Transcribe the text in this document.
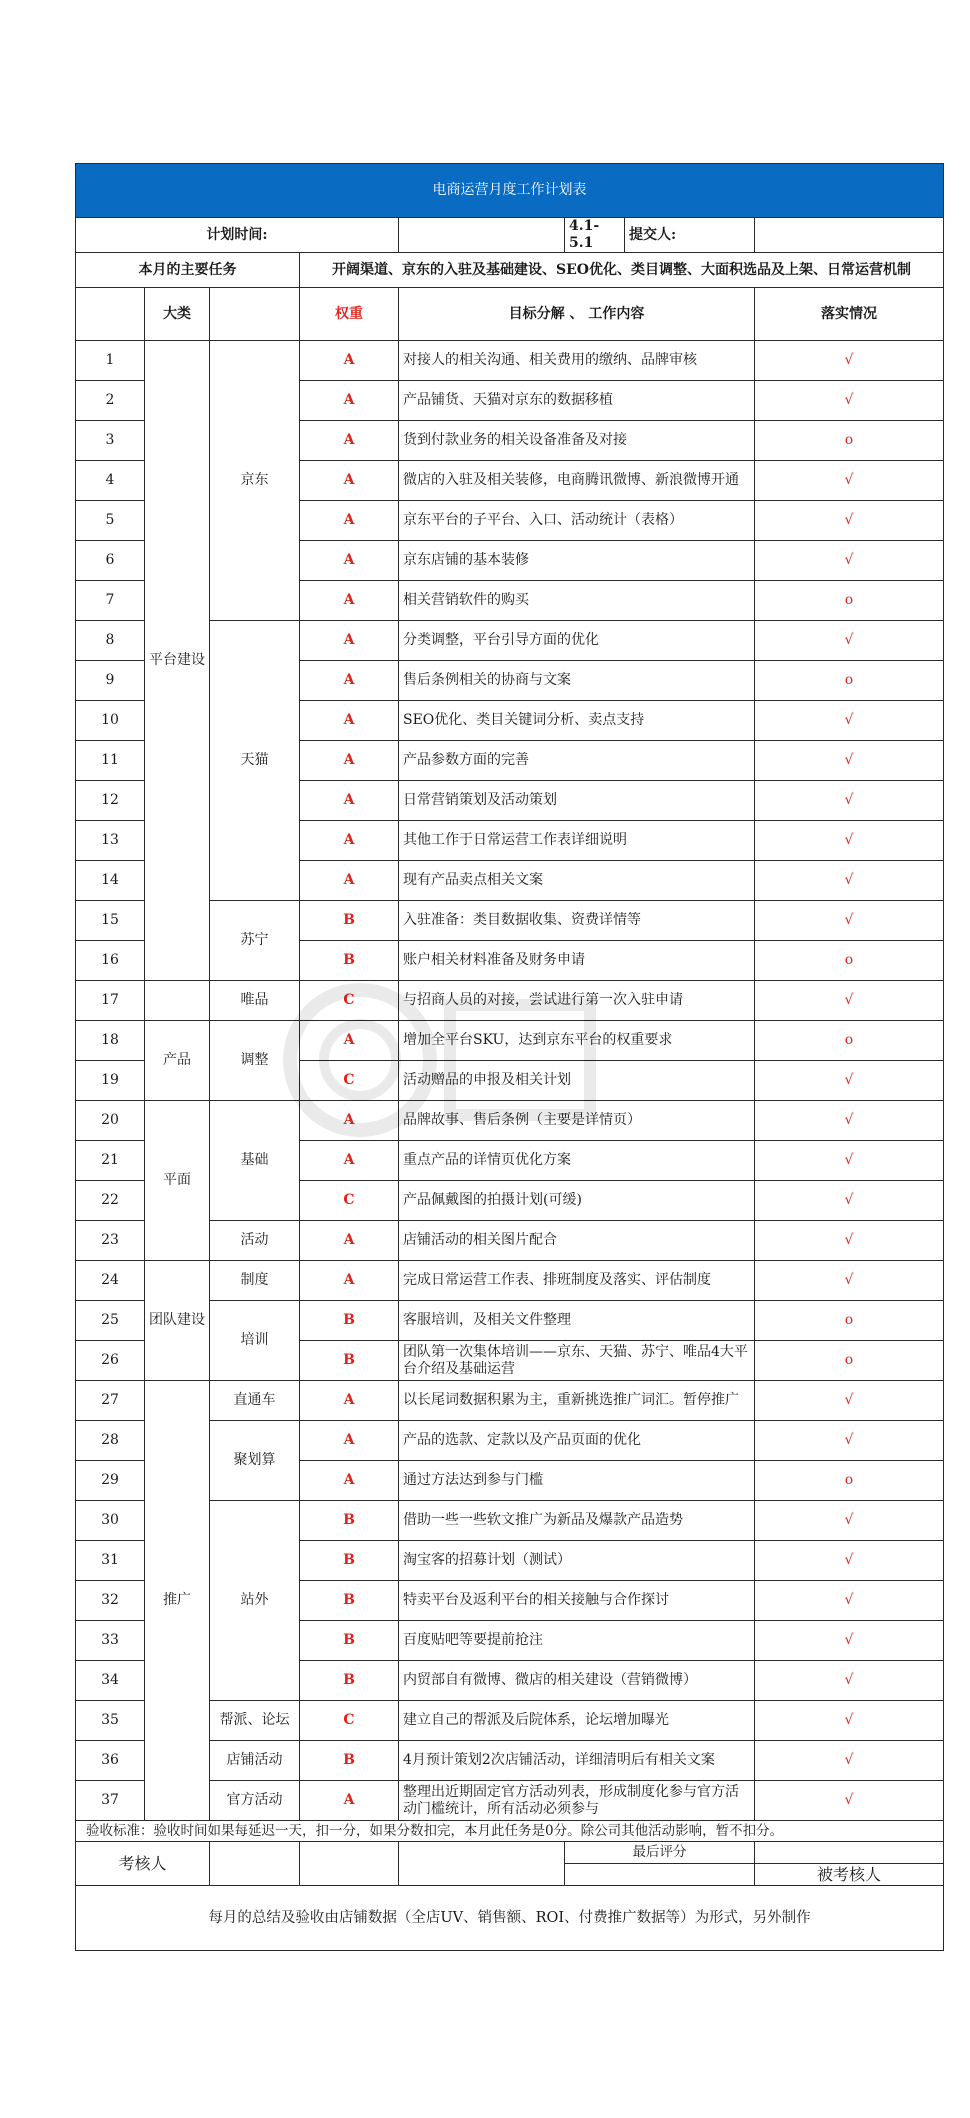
电商运营月度工作计划表							
计划时间:					4.1-5.1	提交人:	
本月的主要任务			开阔渠道、京东的入驻及基础建设、SEO优化、类目调整、大面积选品及上架、日常运营机制				
	大类		权重	目标分解 、 工作内容			落实情况
1	平台建设	京东	A	对接人的相关沟通、相关费用的缴纳、品牌审核			√
2			A	产品铺货、天猫对京东的数据移植			√
3			A	货到付款业务的相关设备准备及对接			o
4			A	微店的入驻及相关装修，电商腾讯微博、新浪微博开通			√
5			A	京东平台的子平台、入口、活动统计（表格）			√
6			A	京东店铺的基本装修			√
7			A	相关营销软件的购买			o
8		天猫	A	分类调整，平台引导方面的优化			√
9			A	售后条例相关的协商与文案			o
10			A	SEO优化、类目关键词分析、卖点支持			√
11			A	产品参数方面的完善			√
12			A	日常营销策划及活动策划			√
13			A	其他工作于日常运营工作表详细说明			√
14			A	现有产品卖点相关文案			√
15		苏宁	B	入驻准备：类目数据收集、资费详情等			√
16			B	账户相关材料准备及财务申请			o
17		唯品	C	与招商人员的对接，尝试进行第一次入驻申请			√
18	产品	调整	A	增加全平台SKU，达到京东平台的权重要求			o
19			C	活动赠品的申报及相关计划			√
20	平面	基础	A	品牌故事、售后条例（主要是详情页）			√
21			A	重点产品的详情页优化方案			√
22			C	产品佩戴图的拍摄计划(可缓)			√
23		活动	A	店铺活动的相关图片配合			√
24	团队建设	制度	A	完成日常运营工作表、排班制度及落实、评估制度			√
25		培训	B	客服培训，及相关文件整理			o
26			B	团队第一次集体培训——京东、天猫、苏宁、唯品4大平台介绍及基础运营			o
27	推广	直通车	A	以长尾词数据积累为主，重新挑选推广词汇。暂停推广			√
28		聚划算	A	产品的选款、定款以及产品页面的优化			√
29			A	通过方法达到参与门槛			o
30		站外	B	借助一些一些软文推广为新品及爆款产品造势			√
31			B	淘宝客的招募计划（测试）			√
32			B	特卖平台及返利平台的相关接触与合作探讨			√
33			B	百度贴吧等要提前抢注			√
34			B	内贸部自有微博、微店的相关建设（营销微博）			√
35		帮派、论坛	C	建立自己的帮派及后院体系，论坛增加曝光			√
36		店铺活动	B	4月预计策划2次店铺活动，详细清明后有相关文案			√
37		官方活动	A	整理出近期固定官方活动列表，形成制度化参与官方活动门槛统计，所有活动必须参与			√
验收标准：验收时间如果每延迟一天，扣一分，如果分数扣完，本月此任务是0分。除公司其他活动影响，暂不扣分。							
考核人					最后评分		
							被考核人
每月的总结及验收由店铺数据（全店UV、销售额、ROI、付费推广数据等）为形式，另外制作							
